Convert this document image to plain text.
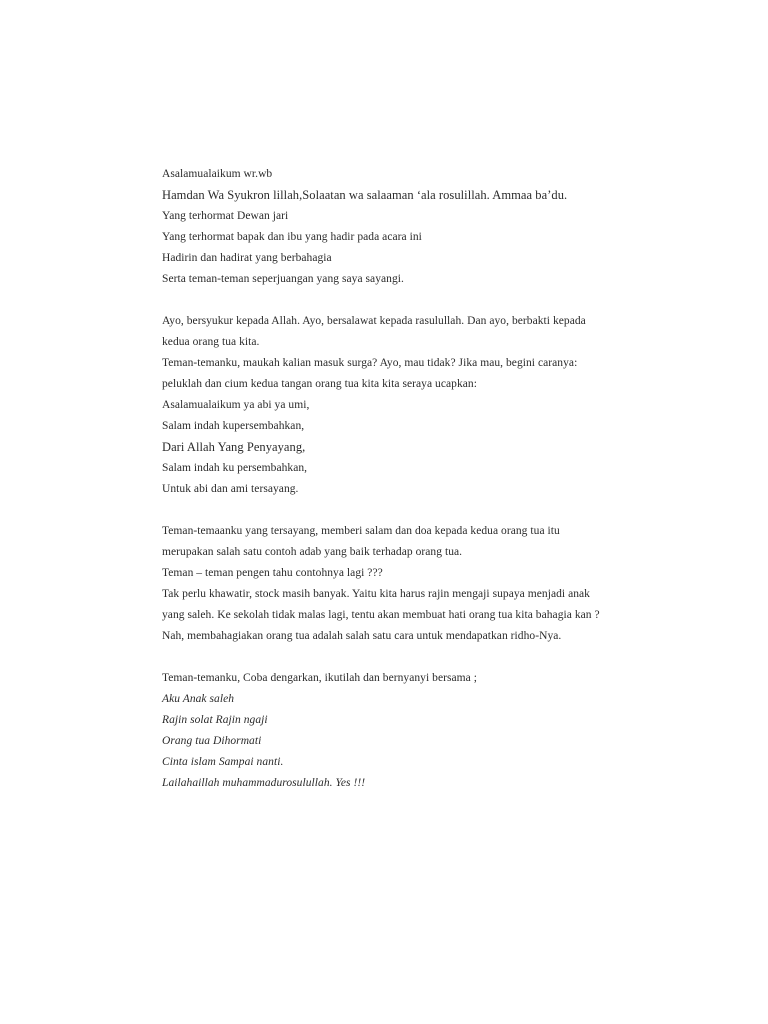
Asalamualaikum wr.wb
Hamdan Wa Syukron lillah,Solaatan wa salaaman ‘ala rosulillah. Ammaa ba’du.
Yang terhormat Dewan jari
Yang terhormat bapak dan ibu yang hadir pada acara ini
Hadirin dan hadirat yang berbahagia
Serta teman-teman seperjuangan yang saya sayangi.
Ayo, bersyukur kepada Allah. Ayo, bersalawat kepada rasulullah. Dan ayo, berbakti kepada
kedua orang tua kita.
Teman-temanku, maukah kalian masuk surga? Ayo, mau tidak? Jika mau, begini caranya:
peluklah dan cium kedua tangan orang tua kita kita seraya ucapkan:
Asalamualaikum ya abi ya umi,
Salam indah kupersembahkan,
Dari Allah Yang Penyayang,
Salam indah ku persembahkan,
Untuk abi dan ami tersayang.
Teman-temaanku yang tersayang, memberi salam dan doa kepada kedua orang tua itu
merupakan salah satu contoh adab yang baik terhadap orang tua.
Teman – teman pengen tahu contohnya lagi ???
Tak perlu khawatir, stock masih banyak. Yaitu kita harus rajin mengaji supaya menjadi anak
yang saleh. Ke sekolah tidak malas lagi, tentu akan membuat hati orang tua kita bahagia kan ?
Nah, membahagiakan orang tua adalah salah satu cara untuk mendapatkan ridho-Nya.
Teman-temanku, Coba dengarkan, ikutilah dan bernyanyi bersama ;
Aku Anak saleh
Rajin solat Rajin ngaji
Orang tua Dihormati
Cinta islam Sampai nanti.
Lailahaillah muhammadurosulullah. Yes !!!
